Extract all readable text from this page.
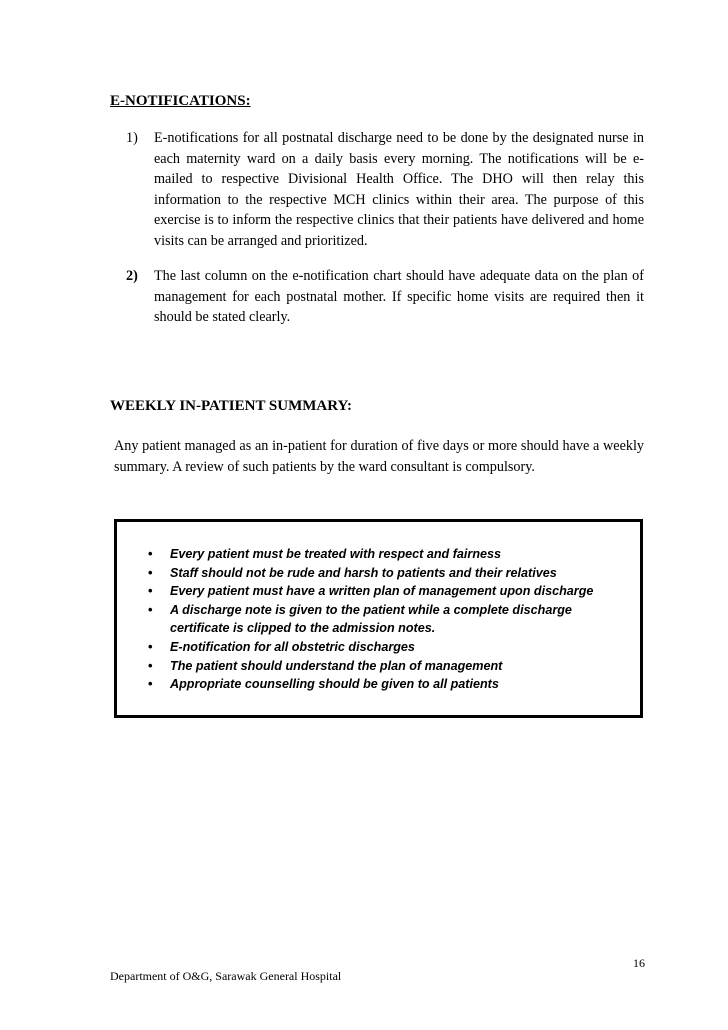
E-NOTIFICATIONS:
1) E-notifications for all postnatal discharge need to be done by the designated nurse in each maternity ward on a daily basis every morning. The notifications will be e-mailed to respective Divisional Health Office. The DHO will then relay this information to the respective MCH clinics within their area. The purpose of this exercise is to inform the respective clinics that their patients have delivered and home visits can be arranged and prioritized.
2) The last column on the e-notification chart should have adequate data on the plan of management for each postnatal mother. If specific home visits are required then it should be stated clearly.
WEEKLY IN-PATIENT SUMMARY:

Any patient managed as an in-patient for duration of five days or more should have a weekly summary. A review of such patients by the ward consultant is compulsory.

• Every patient must be treated with respect and fairness
• Staff should not be rude and harsh to patients and their relatives
• Every patient must have a written plan of management upon discharge
• A discharge note is given to the patient while a complete discharge certificate is clipped to the admission notes.
• E-notification for all obstetric discharges
• The patient should understand the plan of management
• Appropriate counselling should be given to all patients
16
Department of O&G, Sarawak General Hospital
